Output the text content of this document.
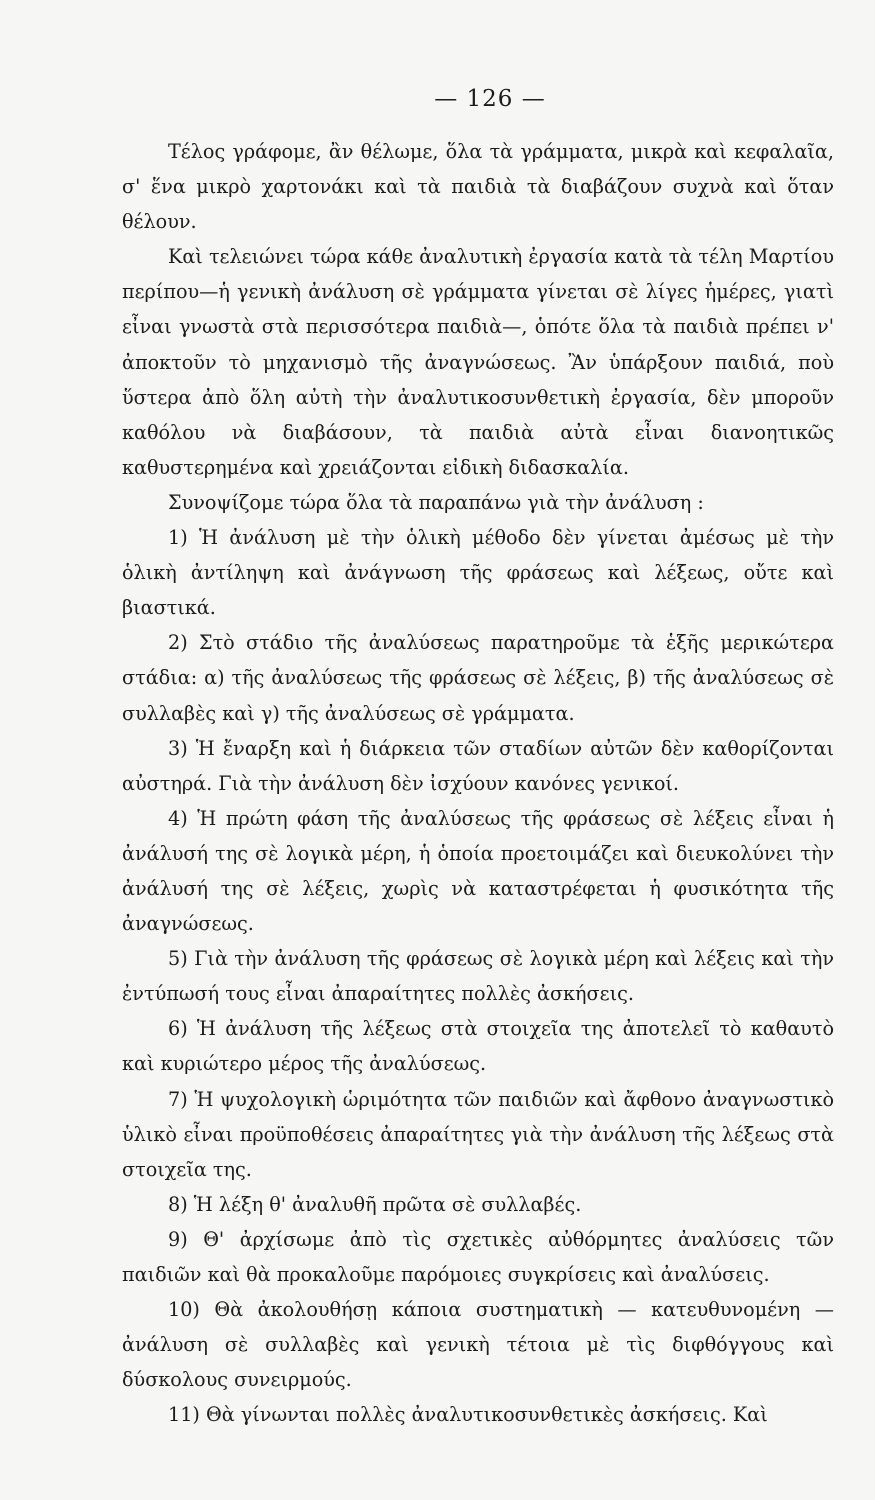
— 126 —

Τέλος γράφομε, ἂν θέλωμε, ὅλα τὰ γράμματα, μικρὰ καὶ κεφαλαῖα, σ' ἕνα μικρὸ χαρτονάκι καὶ τὰ παιδιὰ τὰ διαβάζουν συχνὰ καὶ ὅταν θέλουν.

Καὶ τελειώνει τώρα κάθε ἀναλυτικὴ ἐργασία κατὰ τὰ τέλη Μαρτίου περίπου—ἡ γενικὴ ἀνάλυση σὲ γράμματα γίνεται σὲ λίγες ἡμέρες, γιατὶ εἶναι γνωστὰ στὰ περισσότερα παιδιὰ—, ὁπότε ὅλα τὰ παιδιὰ πρέπει ν' ἀποκτοῦν τὸ μηχανισμὸ τῆς ἀναγνώσεως. Ἂν ὑπάρξουν παιδιά, ποὺ ὕστερα ἀπὸ ὅλη αὐτὴ τὴν ἀναλυτικοσυνθετικὴ ἐργασία, δὲν μποροῦν καθόλου νὰ διαβάσουν, τὰ παιδιὰ αὐτὰ εἶναι διανοητικῶς καθυστερημένα καὶ χρειάζονται εἰδικὴ διδασκαλία.

Συνοψίζομε τώρα ὅλα τὰ παραπάνω γιὰ τὴν ἀνάλυση :

1) Ἡ ἀνάλυση μὲ τὴν ὁλικὴ μέθοδο δὲν γίνεται ἀμέσως μὲ τὴν ὁλικὴ ἀντίληψη καὶ ἀνάγνωση τῆς φράσεως καὶ λέξεως, οὔτε καὶ βιαστικά.

2) Στὸ στάδιο τῆς ἀναλύσεως παρατηροῦμε τὰ ἑξῆς μερικώτερα στάδια: α) τῆς ἀναλύσεως τῆς φράσεως σὲ λέξεις, β) τῆς ἀναλύσεως σὲ συλλαβὲς καὶ γ) τῆς ἀναλύσεως σὲ γράμματα.

3) Ἡ ἔναρξη καὶ ἡ διάρκεια τῶν σταδίων αὐτῶν δὲν καθορίζονται αὐστηρά. Γιὰ τὴν ἀνάλυση δὲν ἰσχύουν κανόνες γενικοί.

4) Ἡ πρώτη φάση τῆς ἀναλύσεως τῆς φράσεως σὲ λέξεις εἶναι ἡ ἀνάλυσή της σὲ λογικὰ μέρη, ἡ ὁποία προετοιμάζει καὶ διευκολύνει τὴν ἀνάλυσή της σὲ λέξεις, χωρὶς νὰ καταστρέφεται ἡ φυσικότητα τῆς ἀναγνώσεως.

5) Γιὰ τὴν ἀνάλυση τῆς φράσεως σὲ λογικὰ μέρη καὶ λέξεις καὶ τὴν ἐντύπωσή τους εἶναι ἀπαραίτητες πολλὲς ἀσκήσεις.

6) Ἡ ἀνάλυση τῆς λέξεως στὰ στοιχεῖα της ἀποτελεῖ τὸ καθαυτὸ καὶ κυριώτερο μέρος τῆς ἀναλύσεως.

7) Ἡ ψυχολογικὴ ὡριμότητα τῶν παιδιῶν καὶ ἄφθονο ἀναγνωστικὸ ὑλικὸ εἶναι προϋποθέσεις ἀπαραίτητες γιὰ τὴν ἀνάλυση τῆς λέξεως στὰ στοιχεῖα της.

8) Ἡ λέξη θ' ἀναλυθῆ πρῶτα σὲ συλλαβές.

9) Θ' ἀρχίσωμε ἀπὸ τὶς σχετικὲς αὐθόρμητες ἀναλύσεις τῶν παιδιῶν καὶ θὰ προκαλοῦμε παρόμοιες συγκρίσεις καὶ ἀναλύσεις.

10) Θὰ ἀκολουθήσῃ κάποια συστηματικὴ — κατευθυνομένη — ἀνάλυση σὲ συλλαβὲς καὶ γενικὴ τέτοια μὲ τὶς διφθόγγους καὶ δύσκολους συνειρμούς.

11) Θὰ γίνωνται πολλὲς ἀναλυτικοσυνθετικὲς ἀσκήσεις. Καὶ
